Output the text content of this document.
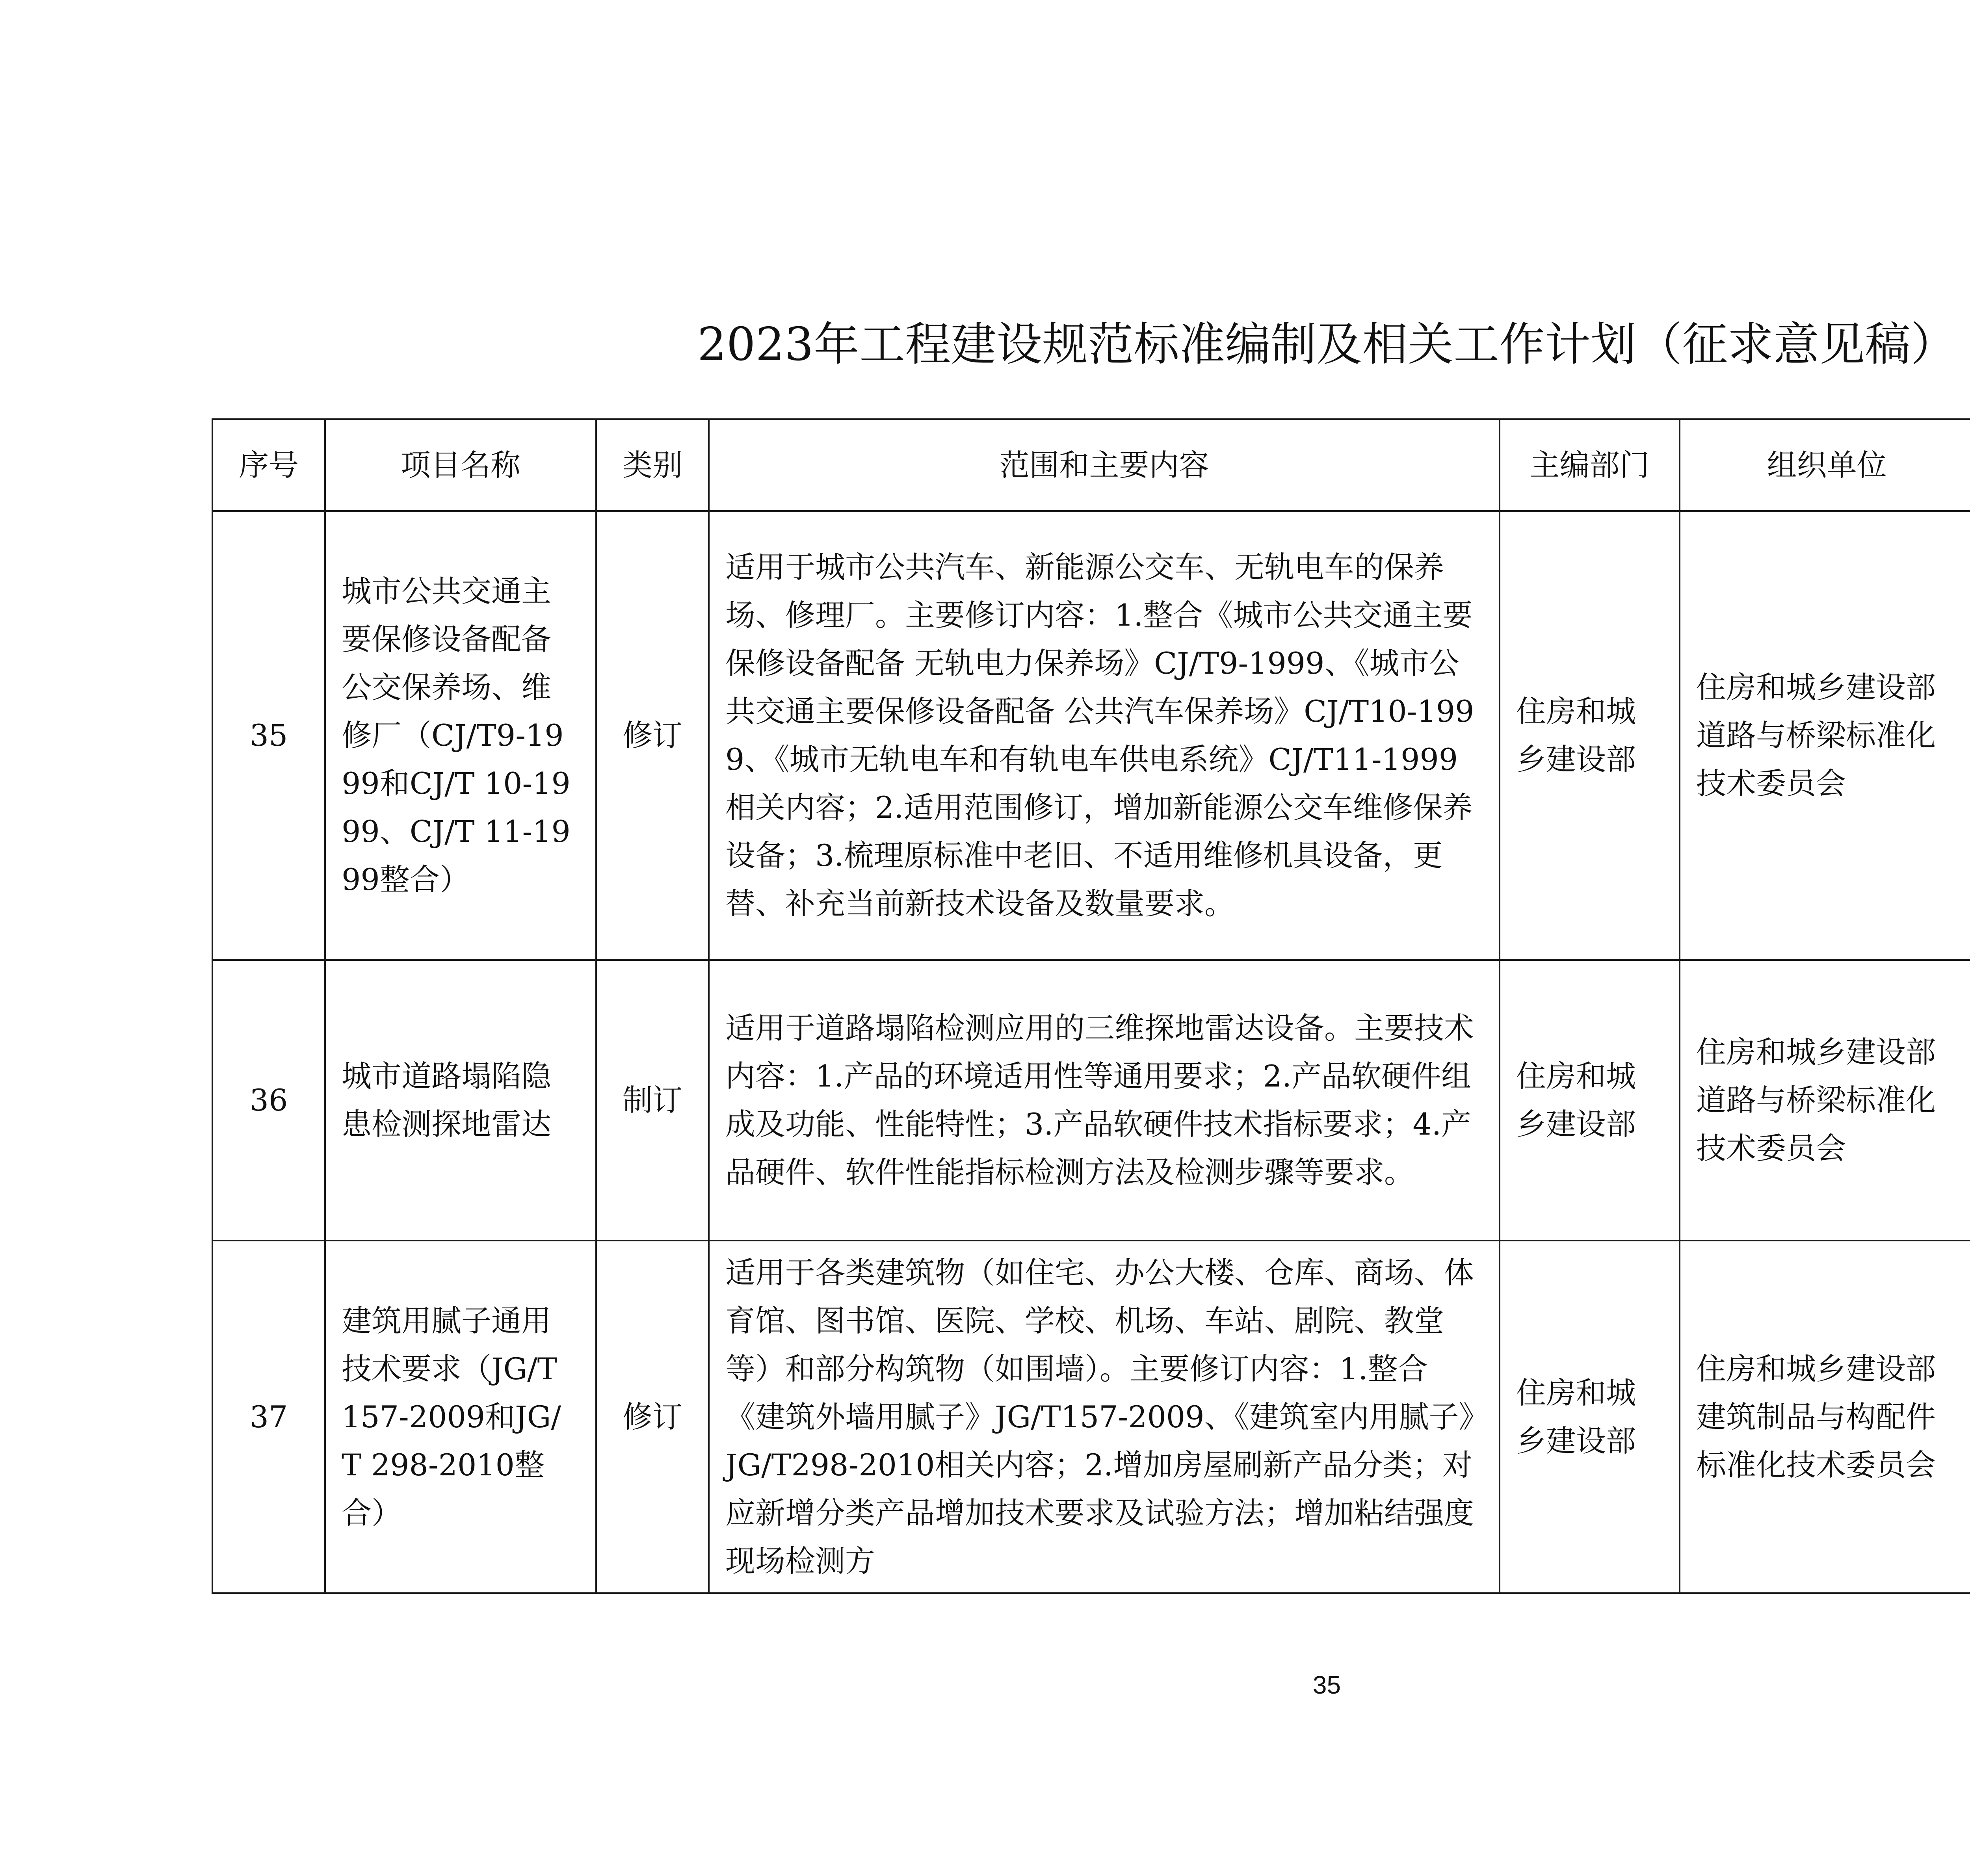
2023年工程建设规范标准编制及相关工作计划（征求意见稿）
序号	项目名称	类别	范围和主要内容	主编部门	组织单位		
35	城市公共交通主要保修设备配备公交保养场、维修厂（CJ/T9-1999和CJ/T 10-1999、CJ/T 11-1999整合）	修订	适用于城市公共汽车、新能源公交车、无轨电车的保养场、修理厂。主要修订内容：1.整合《城市公共交通主要保修设备配备 无轨电力保养场》CJ/T9-1999、《城市公共交通主要保修设备配备 公共汽车保养场》CJ/T10-1999、《城市无轨电车和有轨电车供电系统》CJ/T11-1999相关内容；2.适用范围修订，增加新能源公交车维修保养设备；3.梳理原标准中老旧、不适用维修机具设备，更替、补充当前新技术设备及数量要求。	住房和城乡建设部	住房和城乡建设部道路与桥梁标准化技术委员会		
36	城市道路塌陷隐患检测探地雷达	制订	适用于道路塌陷检测应用的三维探地雷达设备。主要技术内容：1.产品的环境适用性等通用要求；2.产品软硬件组成及功能、性能特性；3.产品软硬件技术指标要求；4.产品硬件、软件性能指标检测方法及检测步骤等要求。	住房和城乡建设部	住房和城乡建设部道路与桥梁标准化技术委员会		
37	建筑用腻子通用技术要求（JG/T 157-2009和JG/T 298-2010整合）	修订	适用于各类建筑物（如住宅、办公大楼、仓库、商场、体育馆、图书馆、医院、学校、机场、车站、剧院、教堂等）和部分构筑物（如围墙）。主要修订内容：1.整合《建筑外墙用腻子》JG/T157-2009、《建筑室内用腻子》JG/T298-2010相关内容；2.增加房屋刷新产品分类；对应新增分类产品增加技术要求及试验方法；增加粘结强度现场检测方	住房和城乡建设部	住房和城乡建设部建筑制品与构配件标准化技术委员会		
35
